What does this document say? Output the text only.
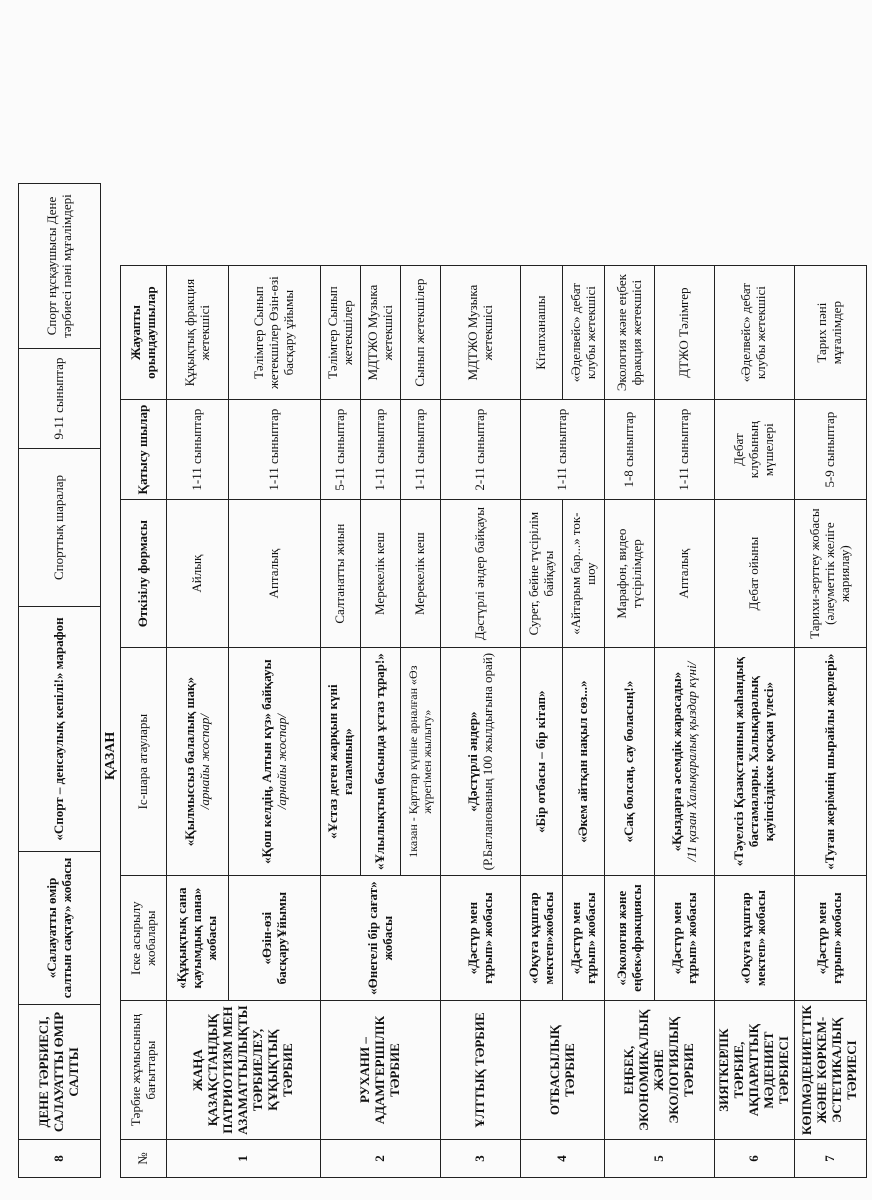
8	ДЕНЕ ТӘРБИЕСІ, САЛАУАТТЫ ӨМІР САЛТЫ	«Салауатты өмір салтын сақтау» жобасы	«Спорт – денсаулық кепілі!» марафон	Спорттық шаралар	9-11 сыныптар	Спорт нұсқаушысы Дене тәрбиесі пәні мұғалімдері
ҚАЗАН
№	Тәрбие жұмысының бағыттары	Іске асырылу жобалары	Іс-шара атаулары	Өткізілу формасы	Қатысу шылар	Жауапты орындаушылар
1	ЖАҢА ҚАЗАҚСТАНДЫҚ ПАТРИОТИЗМ МЕН АЗАМАТТЫЛЫҚТЫ ТӘРБИЕЛЕУ, ҚҰҚЫҚТЫҚ ТӘРБИЕ	«Құқықтық сана қауымдық пана» жобасы	«Қылмыссыз балалық шақ» /арнайы жоспар/	Айлық	1-11 сыныптар	Құқықтық фракция жетекшісі
		«Өзін-өзі басқаруҰйымы	«Қош келдің, Алтын күз» байқауы /арнайы жоспар/	Апталық	1-11 сыныптар	Тәлімгер Сынып жетекшілер Өзін-өзі басқару ұйымы
2	РУХАНИ – АДАМГЕРШІЛІК ТӘРБИЕ	«Өнегелі бір сағат» жобасы	«Ұстаз деген жарқын күні ғаламның»	Салтанатты жиын	5-11 сыныптар	Тәлімгер Сынып жетекшілер
			«Ұлылықтың басында ұстаз тұрар!»	Мерекелік кеш	1-11 сыныптар	МДТЖО Музыка жетекшісі
			1казан - Қарттар күніне арналған «Өз жүрегімен жылыту»	Мерекелік кеш	1-11 сыныптар	Сынып жетекшілер
3	ҰЛТТЫҚ ТӘРБИЕ	«Дәстүр мен ғұрып» жобасы	«Дәстүрлі әндер» (Р.Бағланованың 100 жылдығына орай)	Дәстүрлі әндер байқауы	2-11 сыныптар	МДТЖО Музыка жетекшісі
4	ОТБАСЫЛЫҚ ТӘРБИЕ	«Оқуға құштар мектеп»жобасы	«Бір отбасы – бір кітап»	Сурет, бейне түсірілім байқауы	1-11 сыныптар	Кітапханашы
		«Дәстүр мен ғұрып» жобасы	«Әкем айтқан нақыл сөз...»	«Айтарым бар...» ток-шоу		«Әделвейс» дебат клубы жетекшісі
5	ЕҢБЕК, ЭКОНОМИКАЛЫҚ ЖӘНЕ ЭКОЛОГИЯЛЫҚ ТӘРБИЕ	«Экология және еңбек»фракциясы	«Сақ болсаң, сау боласың!»	Марафон, видео түсірілімдер	1-8 сыныптар	Экология және еңбек фракция жетекшісі
		«Дәстүр мен ғұрып» жобасы	«Қыздарға әсемдік жарасады» /11 қазан Халықаралық қыздар күні/	Апталық	1-11 сыныптар	ДТЖО Тәлімгер
6	ЗИЯТКЕРЛІК ТӘРБИЕ, АҚПАРАТТЫҚ МӘДЕНИЕТ ТӘРБИЕСІ	«Оқуға құштар мектеп» жобасы	«Тәуелсіз Қазақстанның жаһандық бастамалары. Халықаралық қауіпсіздікке қосқан үлесі»	Дебат ойыны	Дебат клубының мүшелері	«Әделвейс» дебат клубы жетекшісі
7	КӨПМӘДЕНИЕТТІК ЖӘНЕ КӨРКЕМ-ЭСТЕТИКАЛЫҚ ТӘРИЕСІ	«Дәстүр мен ғұрып» жобасы	«Туған жерімнің шырайлы жерлері»	Тарихи-зерттеу жобасы (әлеуметтік желіге жариялау)	5-9 сыныптар	Тарих пәні мұғалімдер
